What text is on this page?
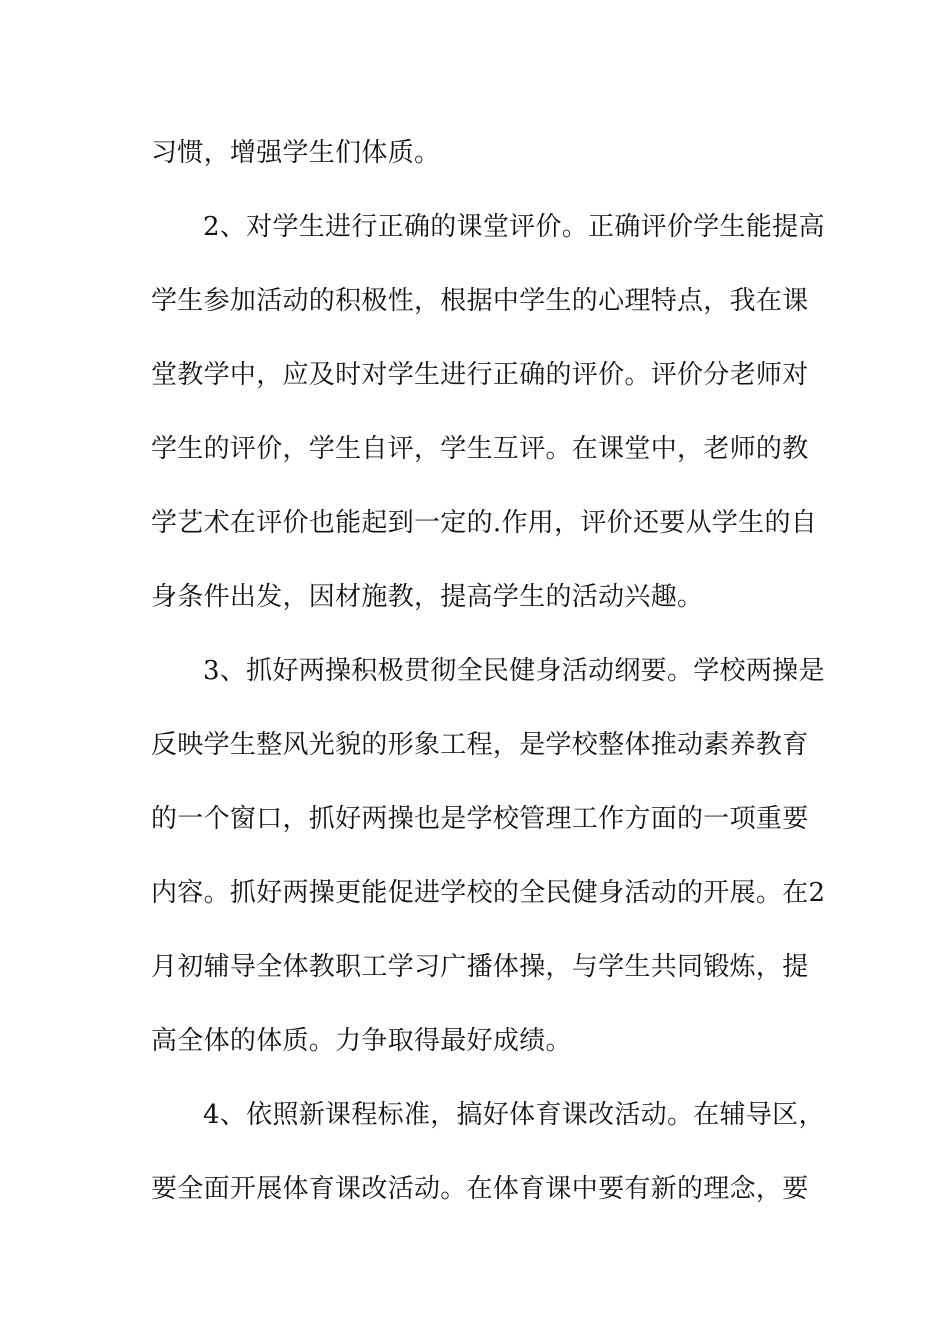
习惯，增强学生们体质。
2、对学生进行正确的课堂评价。正确评价学生能提高
学生参加活动的积极性，根据中学生的心理特点，我在课
堂教学中，应及时对学生进行正确的评价。评价分老师对
学生的评价，学生自评，学生互评。在课堂中，老师的教
学艺术在评价也能起到一定的.作用，评价还要从学生的自
身条件出发，因材施教，提高学生的活动兴趣。
3、抓好两操积极贯彻全民健身活动纲要。学校两操是
反映学生整风光貌的形象工程，是学校整体推动素养教育
的一个窗口，抓好两操也是学校管理工作方面的一项重要
内容。抓好两操更能促进学校的全民健身活动的开展。在2
月初辅导全体教职工学习广播体操，与学生共同锻炼，提
高全体的体质。力争取得最好成绩。
4、依照新课程标准，搞好体育课改活动。在辅导区，
要全面开展体育课改活动。在体育课中要有新的理念，要
